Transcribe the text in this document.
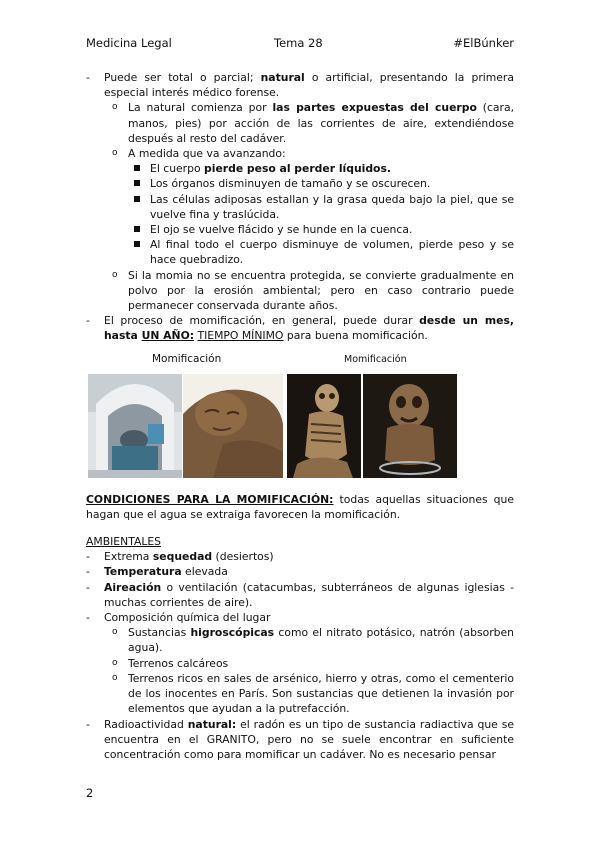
Medicina Legal	Tema 28	#ElBúnker
- Puede ser total o parcial; natural o artificial, presentando la primera especial interés médico forense.
o La natural comienza por las partes expuestas del cuerpo (cara, manos, pies) por acción de las corrientes de aire, extendiéndose después al resto del cadáver.
o A medida que va avanzando:
El cuerpo pierde peso al perder líquidos.
Los órganos disminuyen de tamaño y se oscurecen.
Las células adiposas estallan y la grasa queda bajo la piel, que se vuelve fina y traslúcida.
El ojo se vuelve flácido y se hunde en la cuenca.
Al final todo el cuerpo disminuye de volumen, pierde peso y se hace quebradizo.
o Si la momia no se encuentra protegida, se convierte gradualmente en polvo por la erosión ambiental; pero en caso contrario puede permanecer conservada durante años.
- El proceso de momificación, en general, puede durar desde un mes, hasta UN AÑO: TIEMPO MÍNIMO para buena momificación.
Momificación	Momificación
CONDICIONES PARA LA MOMIFICACIÓN: todas aquellas situaciones que hagan que el agua se extraiga favorecen la momificación.
AMBIENTALES
- Extrema sequedad (desiertos)
- Temperatura elevada
- Aireación o ventilación (catacumbas, subterráneos de algunas iglesias - muchas corrientes de aire).
- Composición química del lugar
o Sustancias higroscópicas como el nitrato potásico, natrón (absorben agua).
o Terrenos calcáreos
o Terrenos ricos en sales de arsénico, hierro y otras, como el cementerio de los inocentes en París. Son sustancias que detienen la invasión por elementos que ayudan a la putrefacción.
- Radioactividad natural: el radón es un tipo de sustancia radiactiva que se encuentra en el GRANITO, pero no se suele encontrar en suficiente concentración como para momificar un cadáver. No es necesario pensar
2
